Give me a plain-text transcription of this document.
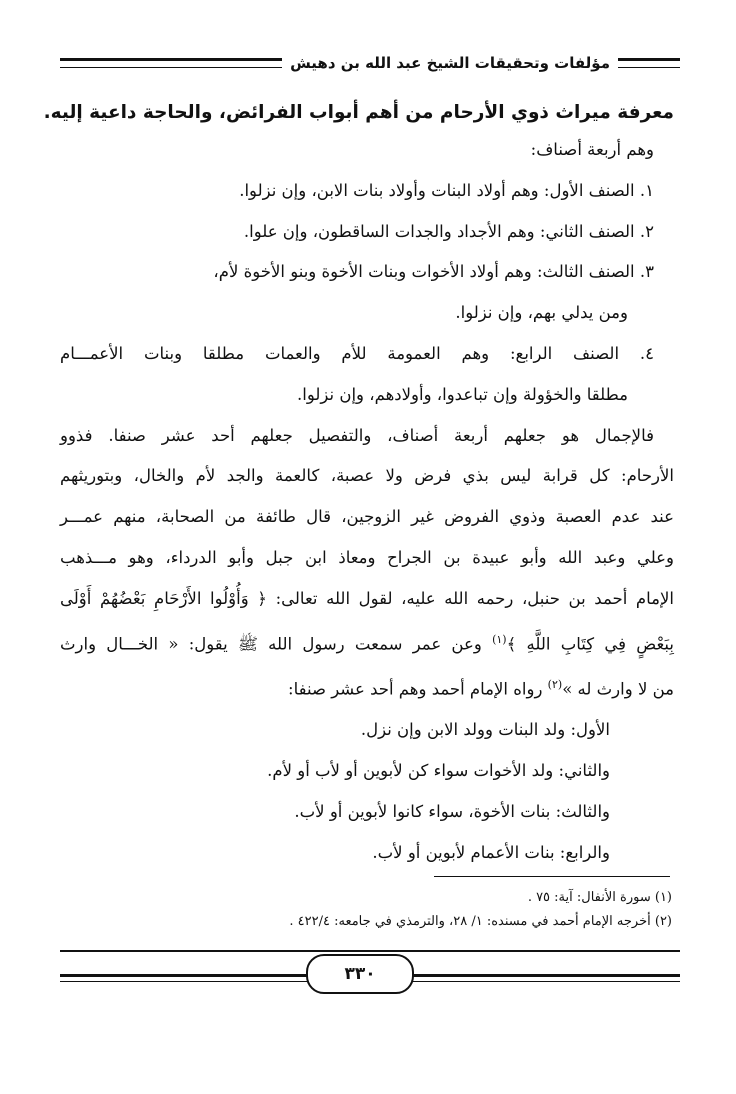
مؤلفات وتحقيقات الشيخ عبد الله بن دهيش

معرفة ميراث ذوي الأرحام من أهم أبواب الفرائض، والحاجة داعية إليه.

وهم أربعة أصناف:

١. الصنف الأول: وهم أولاد البنات وأولاد بنات الابن، وإن نزلوا.

٢. الصنف الثاني: وهم الأجداد والجدات الساقطون، وإن علوا.

٣. الصنف الثالث: وهم أولاد الأخوات وبنات الأخوة وبنو الأخوة لأم،

ومن يدلي بهم، وإن نزلوا.

٤. الصنف الرابع: وهم العمومة للأم والعمات مطلقا وبنات الأعمـــام

مطلقا والخؤولة وإن تباعدوا، وأولادهم، وإن نزلوا.

فالإجمال هو جعلهم أربعة أصناف، والتفصيل جعلهم أحد عشر صنفا. فذوو

الأرحام: كل قرابة ليس بذي فرض ولا عصبة، كالعمة والجد لأم والخال، وبتوريثهم

عند عدم العصبة وذوي الفروض غير الزوجين، قال طائفة من الصحابة، منهم عمـــر

وعلي وعبد الله وأبو عبيدة بن الجراح ومعاذ ابن جبل وأبو الدرداء، وهو مـــذهب

الإمام أحمد بن حنبل، رحمه الله عليه، لقول الله تعالى: ﴿ وَأُوْلُوا الأَرْحَامِ بَعْضُهُمْ أَوْلَى

بِبَعْضٍ فِي كِتَابِ اللَّهِ ﴾$^{(١)}$ وعن عمر سمعت رسول الله ﷺ يقول: « الخـــال وارث

من لا وارث له »$^{(٢)}$ رواه الإمام أحمد وهم أحد عشر صنفا:

الأول: ولد البنات وولد الابن وإن نزل.

والثاني: ولد الأخوات سواء كن لأبوين أو لأب أو لأم.

والثالث: بنات الأخوة، سواء كانوا لأبوين أو لأب.

والرابع: بنات الأعمام لأبوين أو لأب.

(١) سورة الأنفال: آية: ٧٥ .

(٢) أخرجه الإمام أحمد في مسنده: ١/ ٢٨، والترمذي في جامعه: ٤٢٢/٤ .

٣٣٠
